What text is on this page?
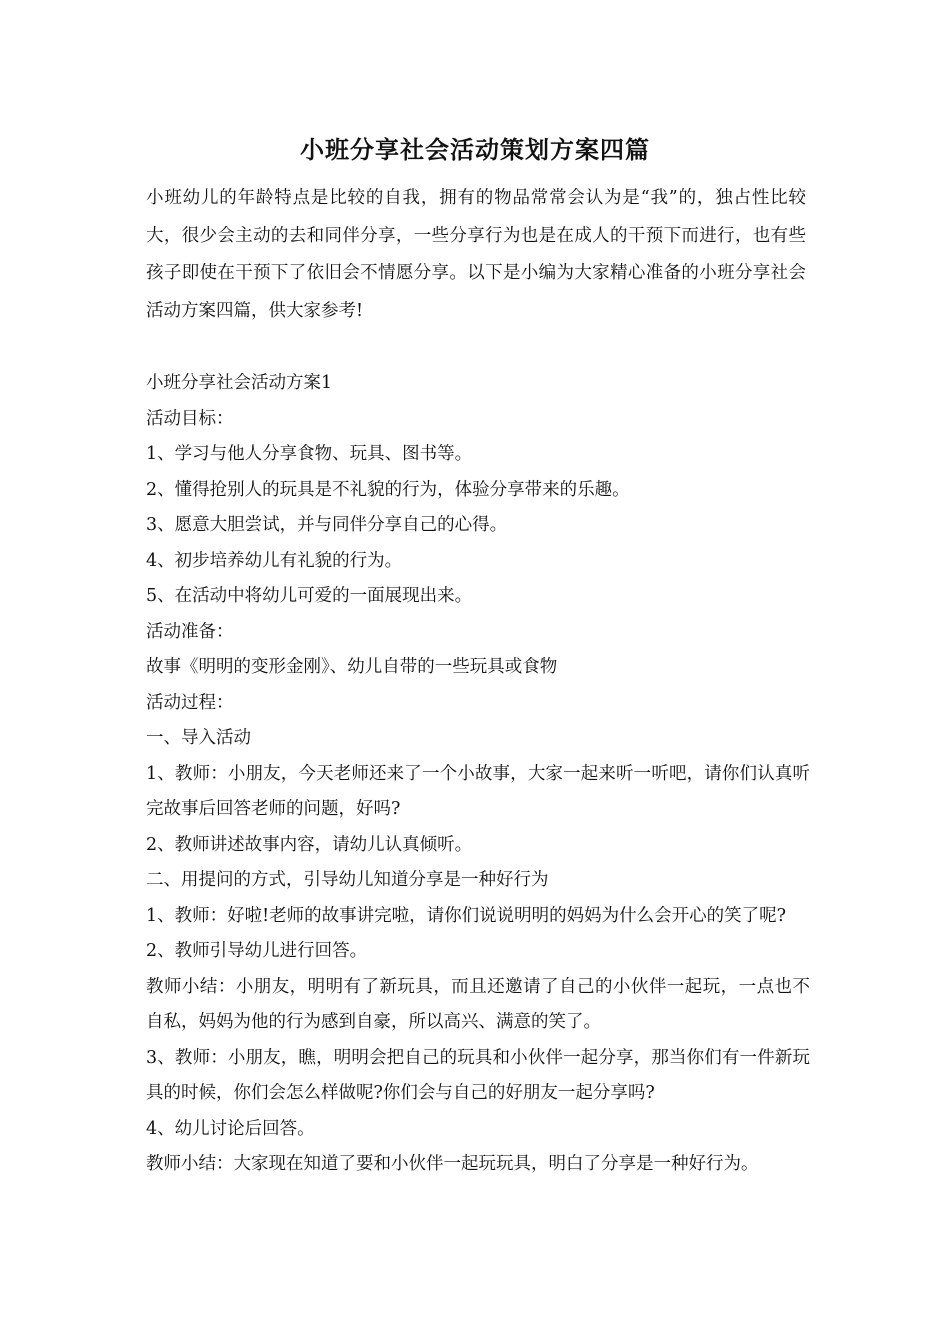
小班分享社会活动策划方案四篇
小班幼儿的年龄特点是比较的自我，拥有的物品常常会认为是“我”的，独占性比较大，很少会主动的去和同伴分享，一些分享行为也是在成人的干预下而进行，也有些孩子即使在干预下了依旧会不情愿分享。以下是小编为大家精心准备的小班分享社会活动方案四篇，供大家参考!

小班分享社会活动方案1

活动目标：

1、学习与他人分享食物、玩具、图书等。

2、懂得抢别人的玩具是不礼貌的行为，体验分享带来的乐趣。

3、愿意大胆尝试，并与同伴分享自己的心得。

4、初步培养幼儿有礼貌的行为。

5、在活动中将幼儿可爱的一面展现出来。

活动准备：

故事《明明的变形金刚》、幼儿自带的一些玩具或食物

活动过程：

一、导入活动

1、教师：小朋友，今天老师还来了一个小故事，大家一起来听一听吧，请你们认真听完故事后回答老师的问题，好吗?

2、教师讲述故事内容，请幼儿认真倾听。

二、用提问的方式，引导幼儿知道分享是一种好行为

1、教师：好啦!老师的故事讲完啦，请你们说说明明的妈妈为什么会开心的笑了呢?

2、教师引导幼儿进行回答。

教师小结：小朋友，明明有了新玩具，而且还邀请了自己的小伙伴一起玩，一点也不自私，妈妈为他的行为感到自豪，所以高兴、满意的笑了。

3、教师：小朋友，瞧，明明会把自己的玩具和小伙伴一起分享，那当你们有一件新玩具的时候，你们会怎么样做呢?你们会与自己的好朋友一起分享吗?

4、幼儿讨论后回答。

教师小结：大家现在知道了要和小伙伴一起玩玩具，明白了分享是一种好行为。
